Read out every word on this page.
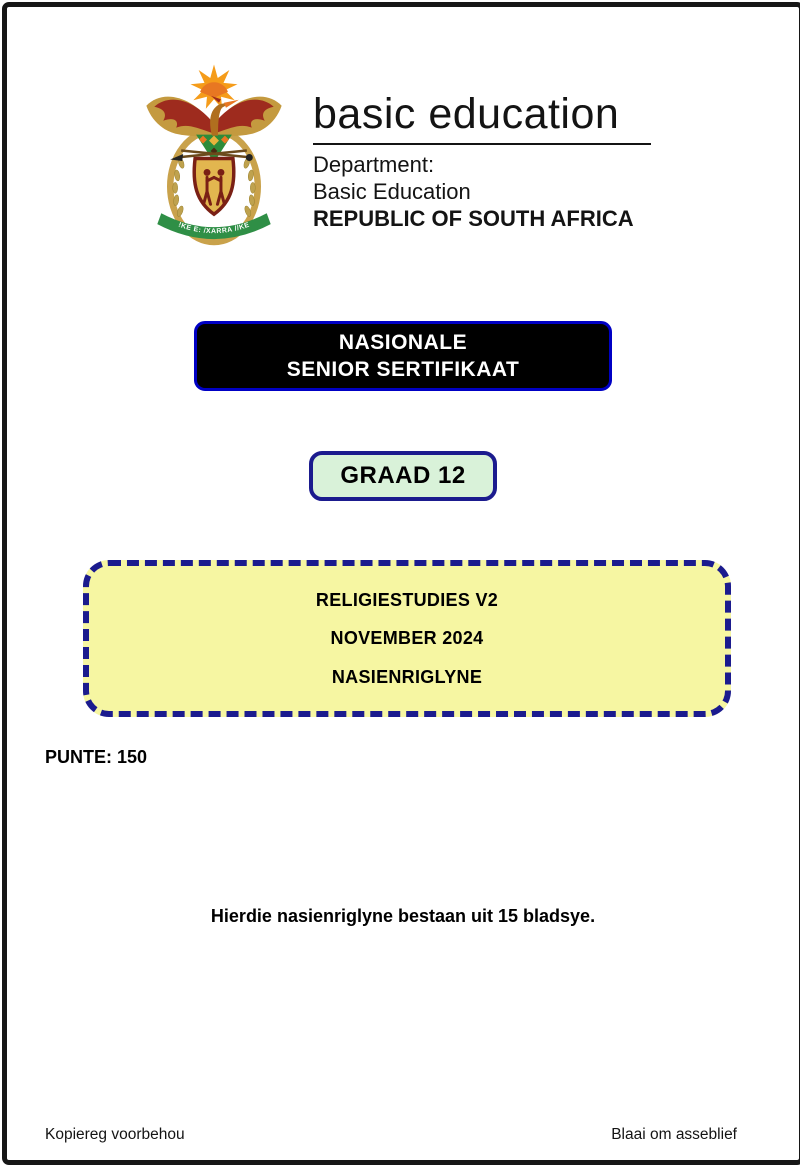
!KE E: /XARRA //KE
basic education
Department:
Basic Education
REPUBLIC OF SOUTH AFRICA
NASIONALE
SENIOR SERTIFIKAAT
GRAAD 12
RELIGIESTUDIES V2
NOVEMBER 2024
NASIENRIGLYNE
PUNTE: 150
Hierdie nasienriglyne bestaan uit 15 bladsye.
Kopiereg voorbehou	Blaai om asseblief
